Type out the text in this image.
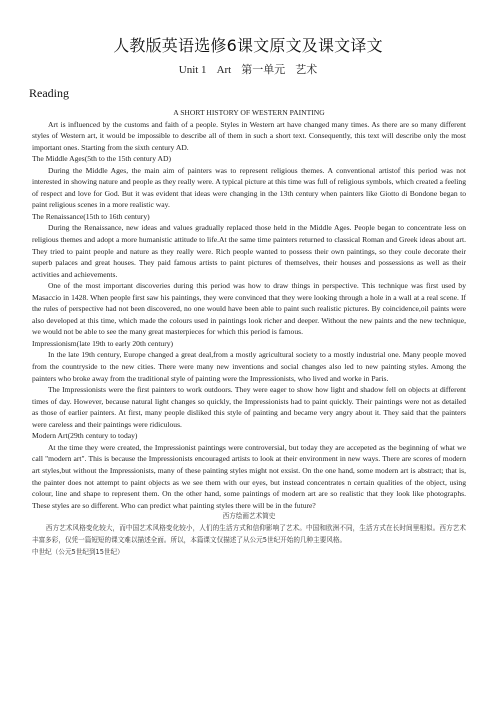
人教版英语选修6课文原文及课文译文
Unit 1 Art 第一单元 艺术
Reading

A SHORT HISTORY OF WESTERN PAINTING

Art is influenced by the customs and faith of a people. Styles in Western art have changed many times. As there are so many different styles of Western art, it would be impossible to describe all of them in such a short text. Consequently, this text will describe only the most important ones. Starting from the sixth century AD.

The Middle Ages(5th to the 15th century AD)

During the Middle Ages, the main aim of painters was to represent religious themes. A conventional artistof this period was not interested in showing nature and people as they really were. A typical picture at this time was full of religious symbols, which created a feeling of respect and love for God. But it was evident that ideas were changing in the 13th century when painters like Giotto di Bondone began to paint religious scenes in a more realistic way.

The Renaissance(15th to 16th century)

During the Renaissance, new ideas and values gradually replaced those held in the Middle Ages. People began to concentrate less on religious themes and adopt a more humanistic attitude to life.At the same time painters returned to classical Roman and Greek ideas about art. They tried to paint people and nature as they really were. Rich people wanted to possess their own paintings, so they coule decorate their superb palaces and great houses. They paid famous artists to paint pictures of themselves, their houses and possessions as well as their activities and achievements.

One of the most important discoveries during this period was how to draw things in perspective. This technique was first used by Masaccio in 1428. When people first saw his paintings, they were convinced that they were looking through a hole in a wall at a real scene. If the rules of perspective had not been discovered, no one would have been able to paint such realistic pictures. By coincidence,oil paints were also developed at this time, which made the colours used in paintings look richer and deeper. Without the new paints and the new technique, we would not be able to see the many great masterpieces for which this period is famous.

Impressionism(late 19th to early 20th century)

In the late 19th century, Europe changed a great deal,from a mostly agricultural society to a mostly industrial one. Many people moved from the countryside to the new cities. There were many new inventions and social changes also led to new painting styles. Among the painters who broke away from the traditional style of painting were the Impressionists, who lived and worke in Paris.

The Impressionists were the first painters to work outdoors. They were eager to show how light and shadow fell on objects at different times of day. However, because natural light changes so quickly, the Impressionists had to paint quickly. Their paintings were not as detailed as those of earlier painters. At first, many people disliked this style of painting and became very angry about it. They said that the painters were careless and their paintings were ridiculous.

Modern Art(29th century to today)

At the time they were created, the Impressionist paintings were controversial, but today they are accepeted as the beginning of what we call "modern art". This is because the Impressionists encouraged artists to look at their environment in new ways. There are scores of modern art styles,but without the Impressionists, many of these painting styles might not exsist. On the one hand, some modern art is abstract; that is, the painter does not attempt to paint objects as we see them with our eyes, but instead concentrates n certain qualities of the object, using colour, line and shape to represent them. On the other hand, some paintings of modern art are so realistic that they look like photographs. These styles are so different. Who can predict what painting styles there will be in the future?

西方绘画艺术简史

西方艺术风格变化较大，而中国艺术风格变化较小，人们的生活方式和信仰影响了艺术。中国和欧洲不同，生活方式在长时间里相似。西方艺术丰富多彩，仅凭一篇短短的课文难以描述全面。所以，本篇课文仅描述了从公元5世纪开始的几种主要风格。

中世纪（公元5世纪到15世纪）
